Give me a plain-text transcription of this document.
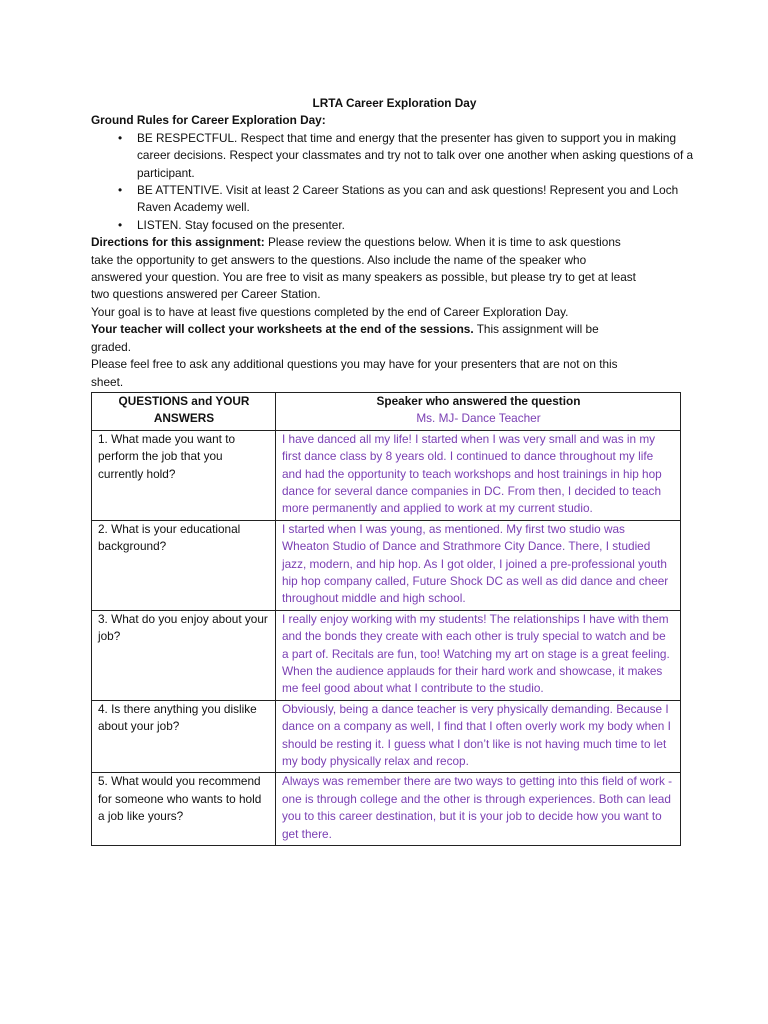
LRTA Career Exploration Day
Ground Rules for Career Exploration Day:
•	BE RESPECTFUL. Respect that time and energy that the presenter has given to support you in making career decisions. Respect your classmates and try not to talk over one another when asking questions of a participant.
•	BE ATTENTIVE. Visit at least 2 Career Stations as you can and ask questions! Represent you and Loch Raven Academy well.
•	LISTEN. Stay focused on the presenter.

Directions for this assignment: Please review the questions below. When it is time to ask questions take the opportunity to get answers to the questions. Also include the name of the speaker who answered your question. You are free to visit as many speakers as possible, but please try to get at least two questions answered per Career Station.

Your goal is to have at least five questions completed by the end of Career Exploration Day.

Your teacher will collect your worksheets at the end of the sessions. This assignment will be graded.

Please feel free to ask any additional questions you may have for your presenters that are not on this sheet.

QUESTIONS and YOUR ANSWERS	Speaker who answered the question
Ms. MJ- Dance Teacher

1. What made you want to perform the job that you currently hold?	I have danced all my life! I started when I was very small and was in my first dance class by 8 years old. I continued to dance throughout my life and had the opportunity to teach workshops and host trainings in hip hop dance for several dance companies in DC. From then, I decided to teach more permanently and applied to work at my current studio.
2. What is your educational background?	I started when I was young, as mentioned. My first two studio was Wheaton Studio of Dance and Strathmore City Dance. There, I studied jazz, modern, and hip hop. As I got older, I joined a pre-professional youth hip hop company called, Future Shock DC as well as did dance and cheer throughout middle and high school.
3. What do you enjoy about your job?	I really enjoy working with my students! The relationships I have with them and the bonds they create with each other is truly special to watch and be a part of. Recitals are fun, too! Watching my art on stage is a great feeling. When the audience applauds for their hard work and showcase, it makes me feel good about what I contribute to the studio.
4. Is there anything you dislike about your job?	Obviously, being a dance teacher is very physically demanding. Because I dance on a company as well, I find that I often overly work my body when I should be resting it. I guess what I don’t like is not having much time to let my body physically relax and recop.
5. What would you recommend for someone who wants to hold a job like yours?	Always was remember there are two ways to getting into this field of work - one is through college and the other is through experiences. Both can lead you to this career destination, but it is your job to decide how you want to get there.
